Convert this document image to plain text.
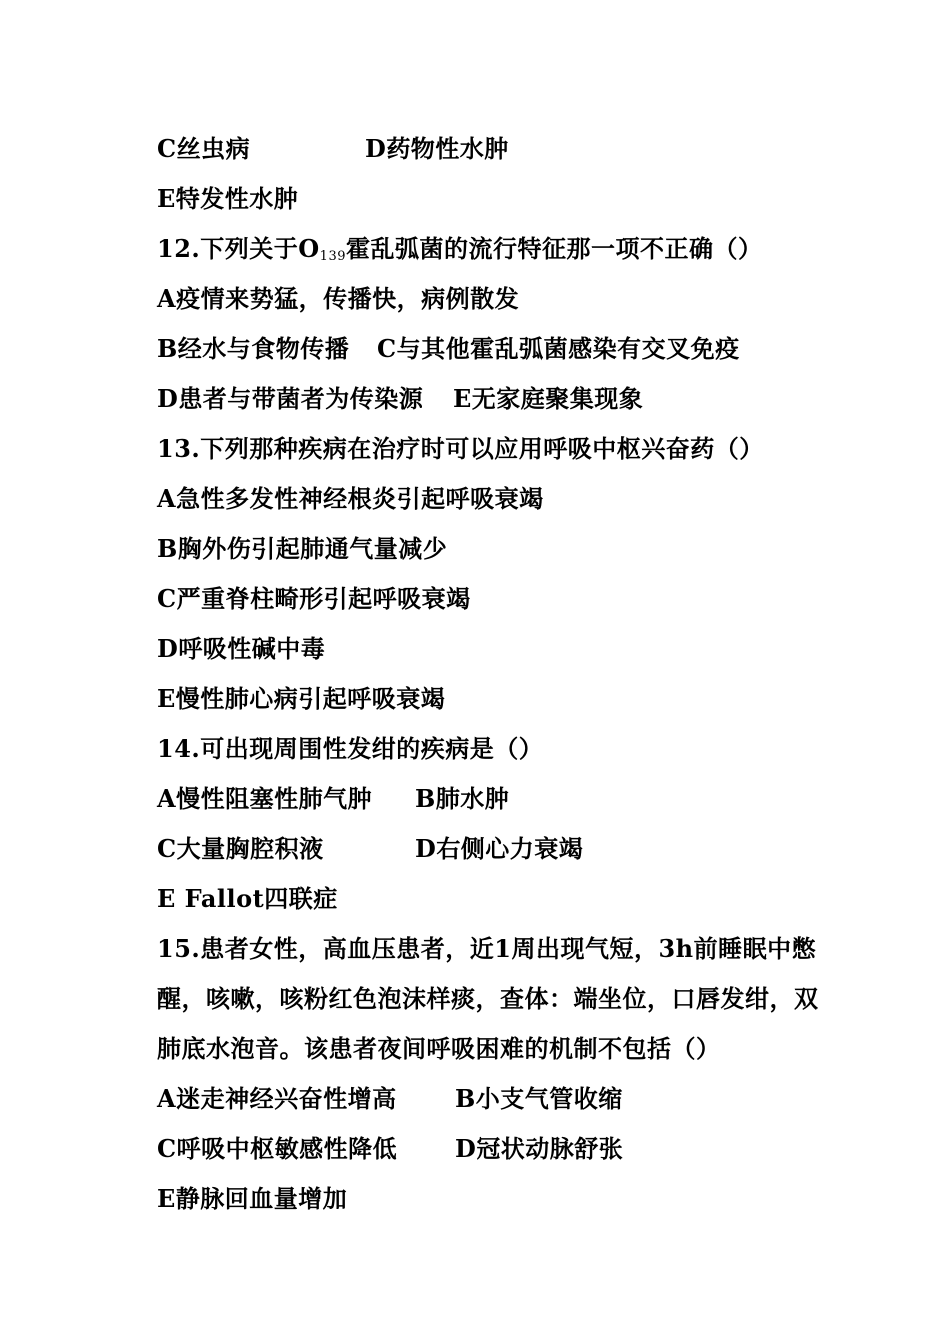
C丝虫病	D药物性水肿
E特发性水肿
12.下列关于$O_{139}$霍乱弧菌的流行特征那一项不正确（）
A疫情来势猛，传播快，病例散发
B经水与食物传播 C与其他霍乱弧菌感染有交叉免疫
D患者与带菌者为传染源 E无家庭聚集现象
13.下列那种疾病在治疗时可以应用呼吸中枢兴奋药（）
A急性多发性神经根炎引起呼吸衰竭
B胸外伤引起肺通气量减少
C严重脊柱畸形引起呼吸衰竭
D呼吸性碱中毒
E慢性肺心病引起呼吸衰竭
14.可出现周围性发绀的疾病是（）
A慢性阻塞性肺气肿 B肺水肿
C大量胸腔积液	D右侧心力衰竭
E Fallot四联症
15.患者女性，高血压患者，近1周出现气短，3h前睡眠中憋
醒，咳嗽，咳粉红色泡沫样痰，查体：端坐位，口唇发绀，双
肺底水泡音。该患者夜间呼吸困难的机制不包括（）
A迷走神经兴奋性增高 B小支气管收缩
C呼吸中枢敏感性降低 D冠状动脉舒张
E静脉回血量增加
